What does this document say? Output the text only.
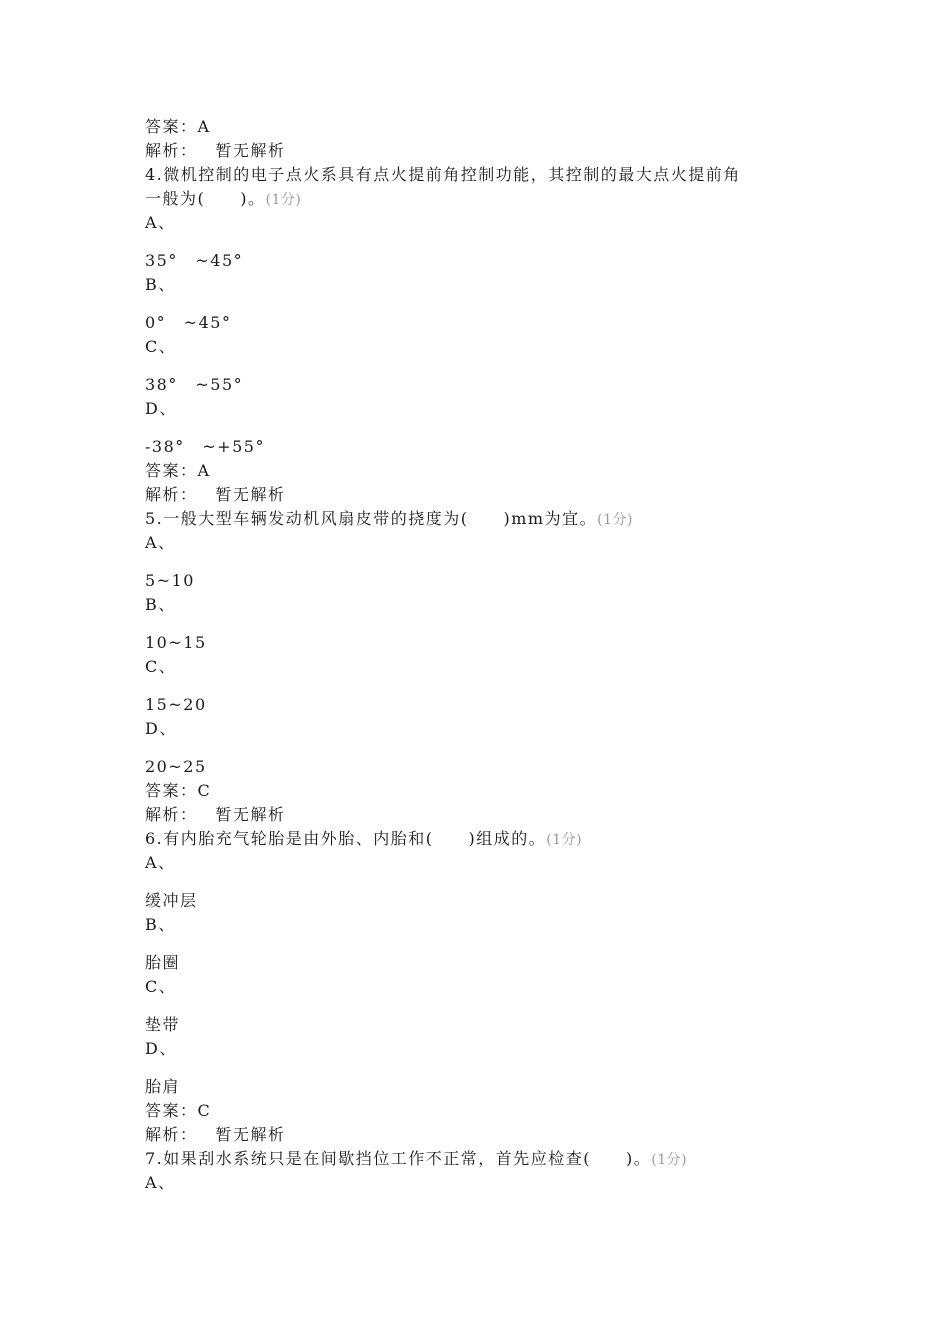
答案：A
解析： 暂无解析
4.微机控制的电子点火系具有点火提前角控制功能，其控制的最大点火提前角
一般为(　　)。(1分)
A、
35°　~45°
B、
0°　~45°
C、
38°　~55°
D、
-38°　~+55°
答案：A
解析： 暂无解析
5.一般大型车辆发动机风扇皮带的挠度为(　　)mm为宜。(1分)
A、
5~10
B、
10~15
C、
15~20
D、
20~25
答案：C
解析： 暂无解析
6.有内胎充气轮胎是由外胎、内胎和(　　)组成的。(1分)
A、
缓冲层
B、
胎圈
C、
垫带
D、
胎肩
答案：C
解析： 暂无解析
7.如果刮水系统只是在间歇挡位工作不正常，首先应检查(　　)。(1分)
A、
